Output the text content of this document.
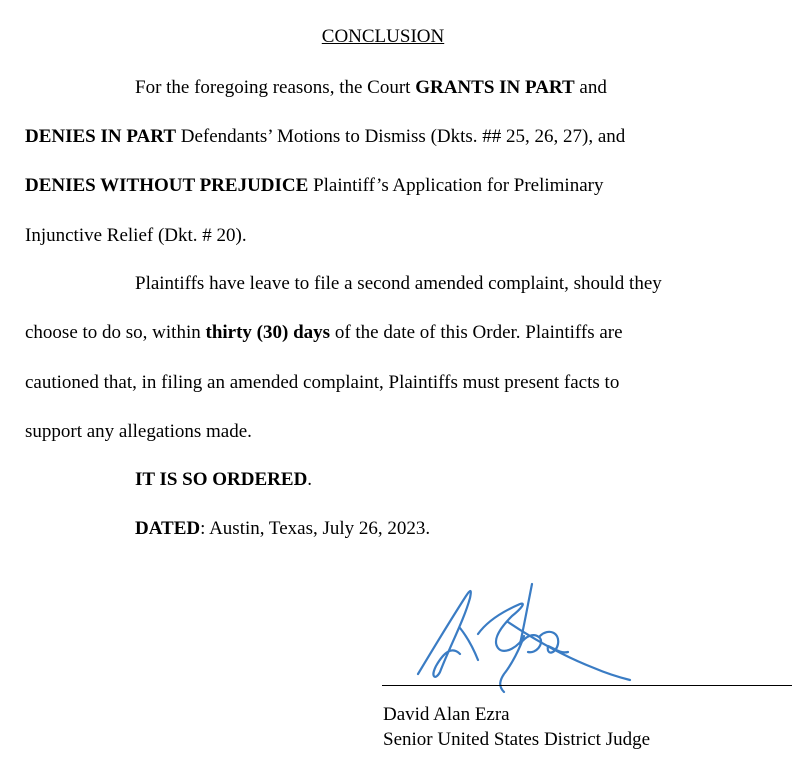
CONCLUSION
For the foregoing reasons, the Court GRANTS IN PART and
DENIES IN PART Defendants’ Motions to Dismiss (Dkts. ## 25, 26, 27), and
DENIES WITHOUT PREJUDICE Plaintiff’s Application for Preliminary
Injunctive Relief (Dkt. # 20).
Plaintiffs have leave to file a second amended complaint, should they
choose to do so, within thirty (30) days of the date of this Order. Plaintiffs are
cautioned that, in filing an amended complaint, Plaintiffs must present facts to
support any allegations made.
IT IS SO ORDERED.
DATED: Austin, Texas, July 26, 2023.
David Alan Ezra
Senior United States District Judge
